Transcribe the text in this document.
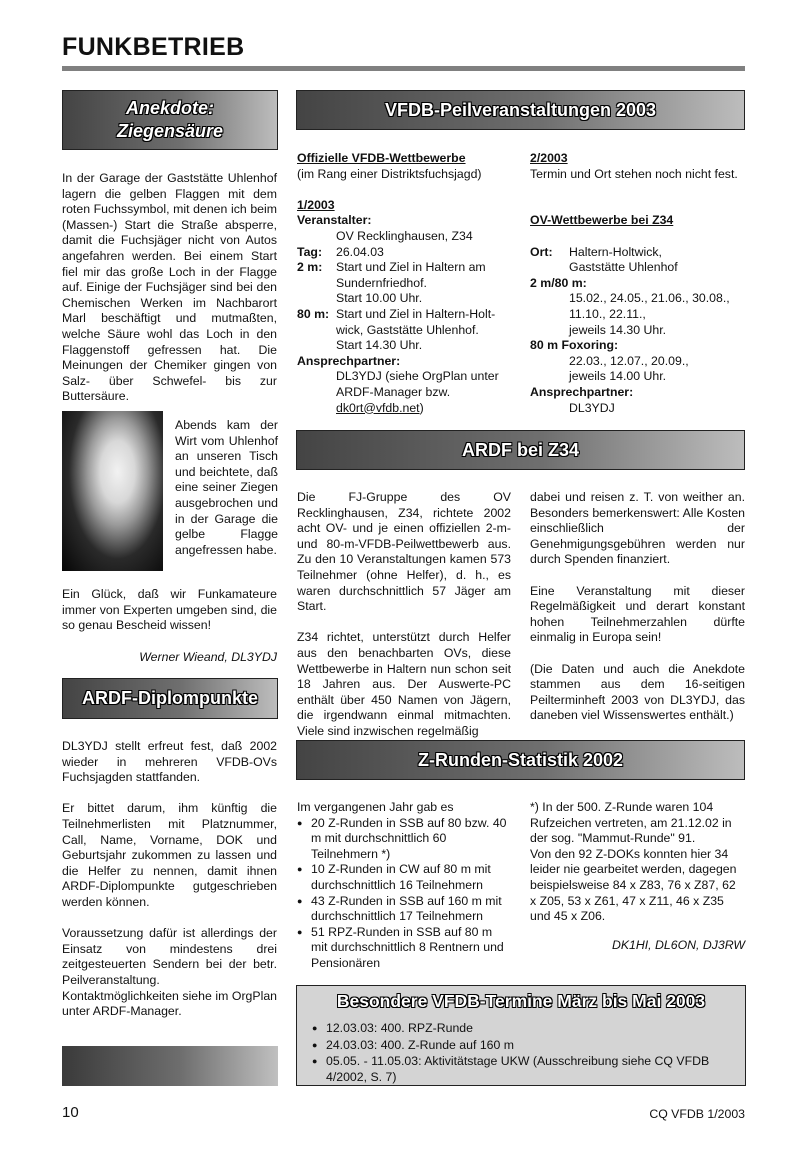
FUNKBETRIEB
Anekdote:
Ziegensäure

In der Garage der Gaststätte Uhlenhof lagern die gelben Flaggen mit dem roten Fuchssymbol, mit denen ich beim (Massen-) Start die Straße absperre, damit die Fuchsjäger nicht von Autos angefahren werden. Bei einem Start fiel mir das große Loch in der Flagge auf. Einige der Fuchsjäger sind bei den Chemischen Werken im Nachbarort Marl beschäftigt und mutmaßten, welche Säure wohl das Loch in den Flaggenstoff gefressen hat. Die Meinungen der Chemiker gingen von Salz- über Schwefel- bis zur Buttersäure.

Abends kam der Wirt vom Uhlenhof an unseren Tisch und beichtete, daß eine seiner Ziegen ausgebrochen und in der Garage die gelbe Flagge angefressen habe.

Ein Glück, daß wir Funkamateure immer von Experten umgeben sind, die so genau Bescheid wissen!

Werner Wieand, DL3YDJ
ARDF-Diplompunkte

DL3YDJ stellt erfreut fest, daß 2002 wieder in mehreren VFDB-OVs Fuchsjagden stattfanden.

Er bittet darum, ihm künftig die Teilnehmerlisten mit Platznummer, Call, Name, Vorname, DOK und Geburtsjahr zukommen zu lassen und die Helfer zu nennen, damit ihnen ARDF-Diplompunkte gutgeschrieben werden können.

Voraussetzung dafür ist allerdings der Einsatz von mindestens drei zeitgesteuerten Sendern bei der betr. Peilveranstaltung. Kontaktmöglichkeiten siehe im OrgPlan unter ARDF-Manager.

VFDB-Peilveranstaltungen 2003
Offizielle VFDB-Wettbewerbe
(im Rang einer Distriktsfuchsjagd)
1/2003
Veranstalter:
OV Recklinghausen, Z34
Tag:	26.04.03
2 m:	Start und Ziel in Haltern am
Sundernfriedhof.
Start 10.00 Uhr.
80 m: Start und Ziel in Haltern-Holt-
wick, Gaststätte Uhlenhof.
Start 14.30 Uhr.
Ansprechpartner:
DL3YDJ (siehe OrgPlan unter
ARDF-Manager bzw.
dk0rt@vfdb.net)
2/2003
Termin und Ort stehen noch nicht fest.
OV-Wettbewerbe bei Z34
Ort:	Haltern-Holtwick,
Gaststätte Uhlenhof
2 m/80 m:
15.02., 24.05., 21.06., 30.08.,
11.10., 22.11.,
jeweils 14.30 Uhr.
80 m Foxoring:
22.03., 12.07., 20.09.,
jeweils 14.00 Uhr.
Ansprechpartner:
DL3YDJ
ARDF bei Z34

Die FJ-Gruppe des OV Recklinghausen, Z34, richtete 2002 acht OV- und je einen offiziellen 2-m- und 80-m-VFDB-Peilwettbewerb aus. Zu den 10 Veranstaltungen kamen 573 Teilnehmer (ohne Helfer), d. h., es waren durchschnittlich 57 Jäger am Start.

Z34 richtet, unterstützt durch Helfer aus den benachbarten OVs, diese Wettbewerbe in Haltern nun schon seit 18 Jahren aus. Der Auswerte-PC enthält über 450 Namen von Jägern, die irgendwann einmal mitmachten. Viele sind inzwischen regelmäßig

dabei und reisen z. T. von weither an. Besonders bemerkenswert: Alle Kosten einschließlich der Genehmigungsgebühren werden nur durch Spenden finanziert.

Eine Veranstaltung mit dieser Regelmäßigkeit und derart konstant hohen Teilnehmerzahlen dürfte einmalig in Europa sein!

(Die Daten und auch die Anekdote stammen aus dem 16-seitigen Peilterminheft 2003 von DL3YDJ, das daneben viel Wissenswertes enthält.)

Z-Runden-Statistik 2002
Im vergangenen Jahr gab es
●
20 Z-Runden in SSB auf 80 bzw. 40 m mit durchschnittlich 60 Teilnehmern *)
●
10 Z-Runden in CW auf 80 m mit durchschnittlich 16 Teilnehmern
●
43 Z-Runden in SSB auf 160 m mit durchschnittlich 17 Teilnehmern
●
51 RPZ-Runden in SSB auf 80 m mit durchschnittlich 8 Rentnern und Pensionären
*) In der 500. Z-Runde waren 104 Rufzeichen vertreten, am 21.12.02 in der sog. "Mammut-Runde" 91.
Von den 92 Z-DOKs konnten hier 34 leider nie gearbeitet werden, dagegen beispielsweise 84 x Z83, 76 x Z87, 62 x Z05, 53 x Z61, 47 x Z11, 46 x Z35 und 45 x Z06.
DK1HI, DL6ON, DJ3RW
Besondere VFDB-Termine März bis Mai 2003
●
12.03.03: 400. RPZ-Runde
●
24.03.03: 400. Z-Runde auf 160 m
●
05.05. - 11.05.03: Aktivitätstage UKW (Ausschreibung siehe CQ VFDB 4/2002, S. 7)
10	CQ VFDB 1/2003
